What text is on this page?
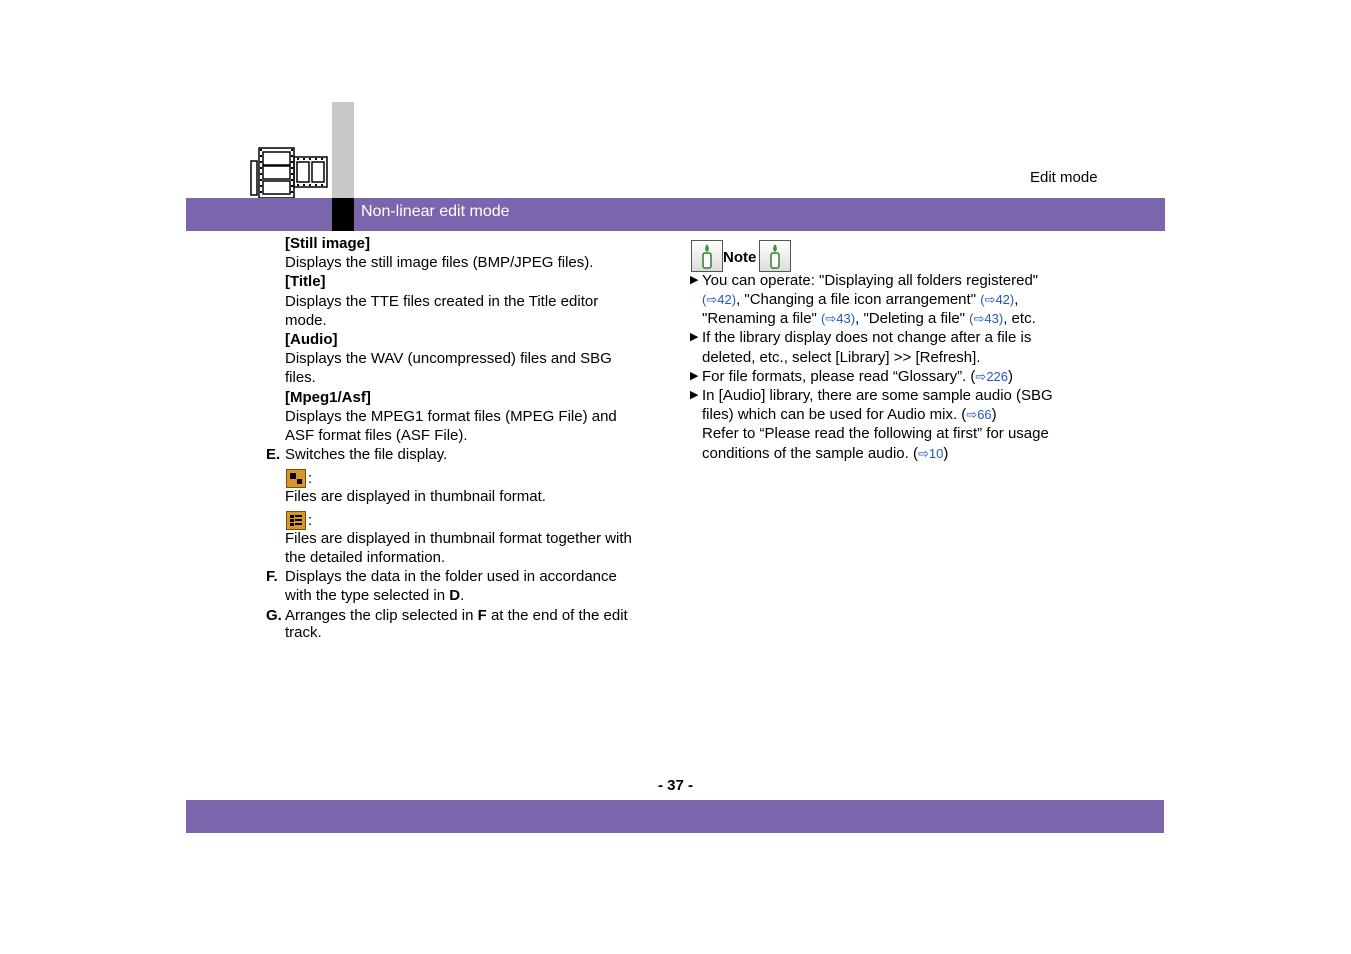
Edit mode
Non-linear edit mode
[Still image]
Displays the still image files (BMP/JPEG files).
[Title]
Displays the TTE files created in the Title editor
mode.
[Audio]
Displays the WAV (uncompressed) files and SBG
files.
[Mpeg1/Asf]
Displays the MPEG1 format files (MPEG File) and
ASF format files (ASF File).
E. Switches the file display.
:
Files are displayed in thumbnail format.
:
Files are displayed in thumbnail format together with
the detailed information.
F. Displays the data in the folder used in accordance
with the type selected in D.
G. Arranges the clip selected in F at the end of the edit
track.
Note
▶ You can operate: "Displaying all folders registered"
(⇨42), "Changing a file icon arrangement" (⇨42),
"Renaming a file" (⇨43), "Deleting a file" (⇨43), etc.
▶ If the library display does not change after a file is
deleted, etc., select [Library] >> [Refresh].
▶ For file formats, please read “Glossary”. (⇨226)
▶ In [Audio] library, there are some sample audio (SBG
files) which can be used for Audio mix. (⇨66)
Refer to “Please read the following at first” for usage
conditions of the sample audio. (⇨10)
- 37 -
